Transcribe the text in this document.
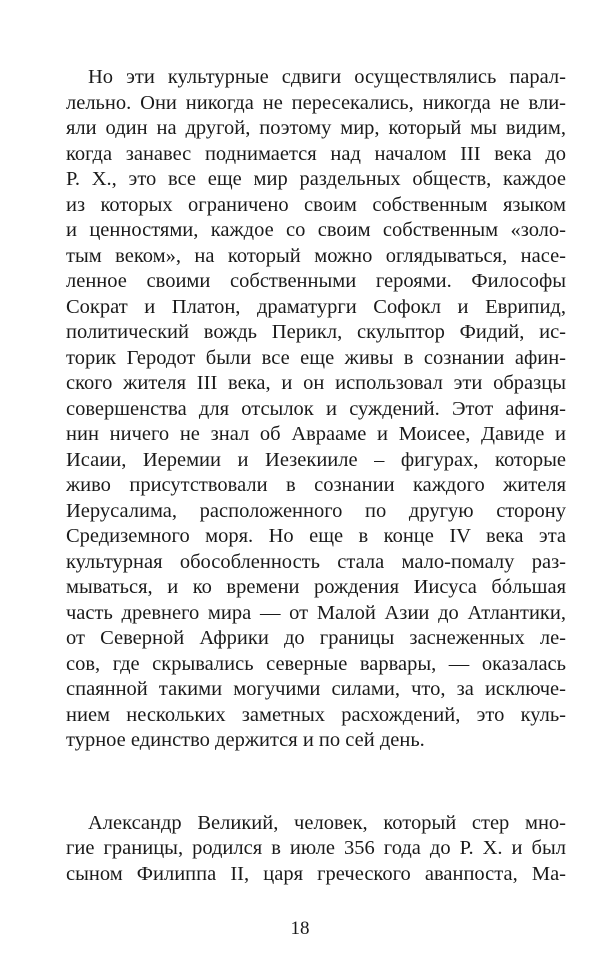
Но эти культурные сдвиги осуществлялись парал-
лельно. Они никогда не пересекались, никогда не вли-
яли один на другой, поэтому мир, который мы видим,
когда занавес поднимается над началом III века до
Р. Х., это все еще мир раздельных обществ, каждое
из которых ограничено своим собственным языком
и ценностями, каждое со своим собственным «золо-
тым веком», на который можно оглядываться, насе-
ленное своими собственными героями. Философы
Сократ и Платон, драматурги Софокл и Еврипид,
политический вождь Перикл, скульптор Фидий, ис-
торик Геродот были все еще живы в сознании афин-
ского жителя III века, и он использовал эти образцы
совершенства для отсылок и суждений. Этот афиня-
нин ничего не знал об Аврааме и Моисее, Давиде и
Исаии, Иеремии и Иезекииле – фигурах, которые
живо присутствовали в сознании каждого жителя
Иерусалима, расположенного по другую сторону
Средиземного моря. Но еще в конце IV века эта
культурная обособленность стала мало-помалу раз-
мываться, и ко времени рождения Иисуса бóльшая
часть древнего мира — от Малой Азии до Атлантики,
от Северной Африки до границы заснеженных ле-
сов, где скрывались северные варвары, — оказалась
спаянной такими могучими силами, что, за исключе-
нием нескольких заметных расхождений, это куль-
турное единство держится и по сей день.
Александр Великий, человек, который стер мно-
гие границы, родился в июле 356 года до Р. Х. и был
сыном Филиппа II, царя греческого аванпоста, Ма-
18
